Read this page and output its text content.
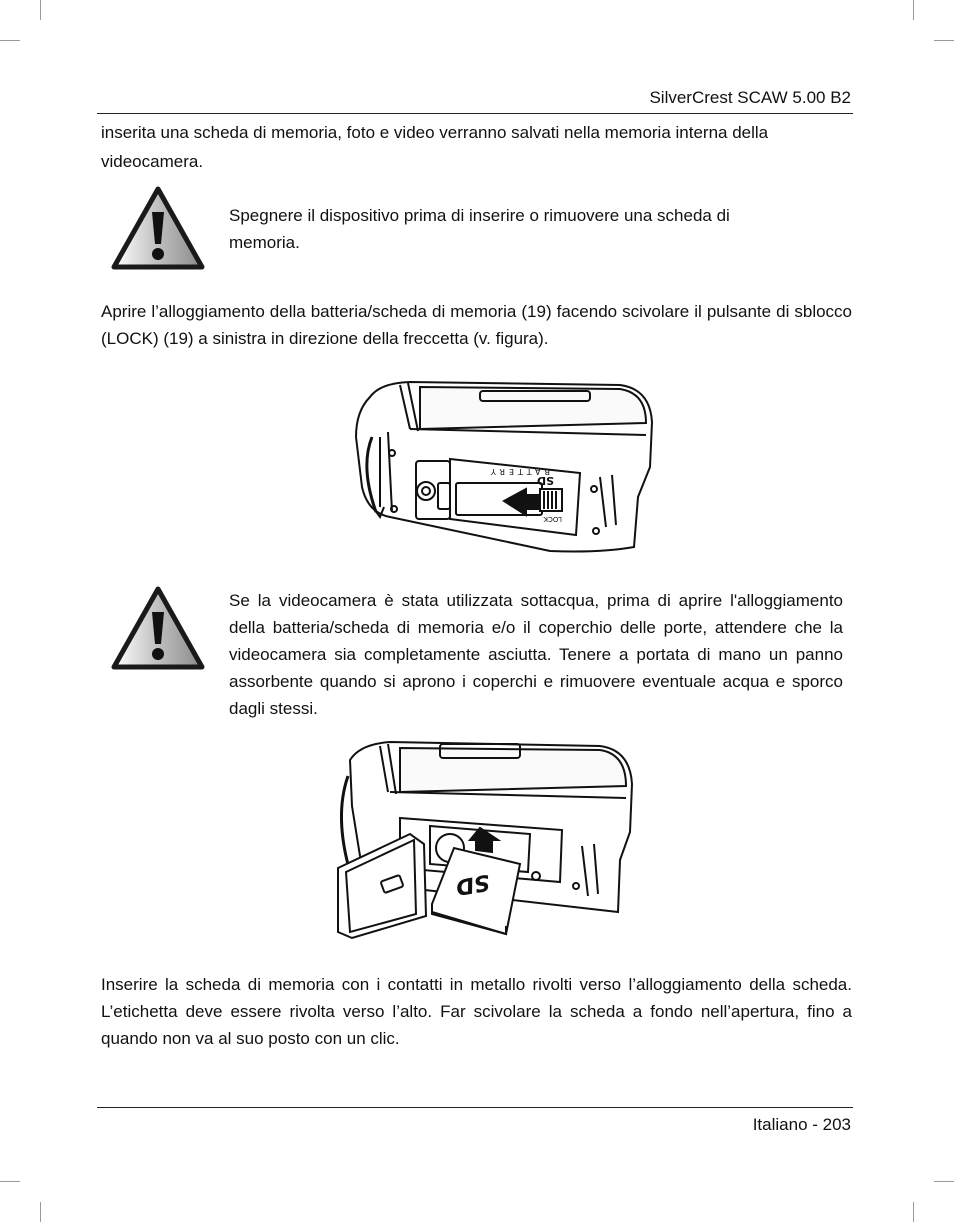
SilverCrest SCAW 5.00 B2
inserita una scheda di memoria, foto e video verranno salvati nella memoria interna della videocamera.
Spegnere il dispositivo prima di inserire o rimuovere una scheda di memoria.
Aprire l’alloggiamento della batteria/scheda di memoria (19) facendo scivolare il pulsante di sblocco (LOCK) (19) a sinistra in direzione della freccetta (v. figura).
BATTERY
SD
LOCK
Se la videocamera è stata utilizzata sottacqua, prima di aprire l'alloggiamento della batteria/scheda di memoria e/o il coperchio delle porte, attendere che la videocamera sia completamente asciutta. Tenere a portata di mano un panno assorbente quando si aprono i coperchi e rimuovere eventuale acqua e sporco dagli stessi.
SD
Inserire la scheda di memoria con i contatti in metallo rivolti verso l’alloggiamento della scheda. L’etichetta deve essere rivolta verso l’alto. Far scivolare la scheda a fondo nell’apertura, fino a quando non va al suo posto con un clic.
Italiano - 203
